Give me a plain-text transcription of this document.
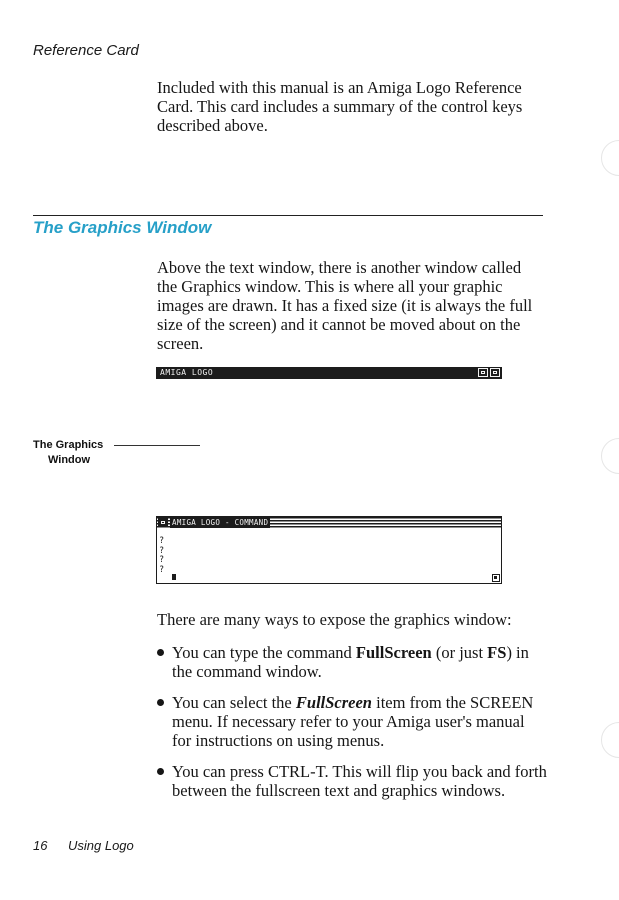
Reference Card

Included with this manual is an Amiga Logo Reference Card. This card includes a summary of the control keys described above.

The Graphics Window

Above the text window, there is another window called the Graphics window. This is where all your graphic images are drawn. It has a fixed size (it is always the full size of the screen) and it cannot be moved about on the screen.

AMIGA LOGO
The Graphics
Window
AMIGA LOGO - COMMAND
?
?
?
?

There are many ways to expose the graphics window:

You can type the command FullScreen (or just FS) in the command window.
You can select the FullScreen item from the SCREEN menu. If necessary refer to your Amiga user's manual for instructions on using menus.
You can press CTRL-T. This will flip you back and forth between the fullscreen text and graphics windows.
16 Using Logo
